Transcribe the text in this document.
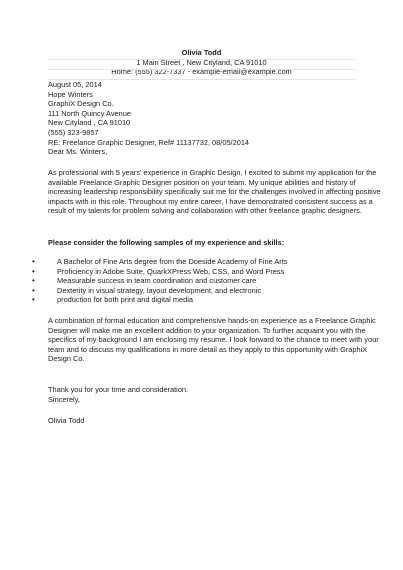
Olivia Todd
1 Main Street , New Cityland, CA 91010
Home: (555) 322-7337 - example-email@example.com
August 05, 2014
Hope Winters
GraphiX Design Co.
111 North Quincy Avenue
New Cityland , CA 91010
(555) 323-9857
RE: Freelance Graphic Designer, Ref# 11137732, 08/05/2014
Dear Ms. Winters,
As professional with 5 years' experience in Graphic Design, I excited to submit my application for the
available Freelance Graphic Designer position on your team. My unique abilities and history of
increasing leadership responsibility specifically suit me for the challenges involved in affecting positive
impacts with in this role. Throughout my entire career, I have demonstrated consistent success as a
result of my talents for problem solving and collaboration with other freelance graphic designers.
Please consider the following samples of my experience and skills:
•	A Bachelor of Fine Arts degree from the Doeside Academy of Fine Arts
•	Proficiency in Adobe Suite, QuarkXPress Web, CSS, and Word Press
•	Measurable success in team coordination and customer care
•	Dexterity in visual strategy, layout development, and electronic
•	production for both print and digital media
A combination of formal education and comprehensive hands-on experience as a Freelance Graphic
Designer will make me an excellent addition to your organization. To further acquaint you with the
specifics of my background I am enclosing my resume. I look forward to the chance to meet with your
team and to discuss my qualifications in more detail as they apply to this opportunity with GraphiX
Design Co.
Thank you for your time and consideration.
Sincerely,
Olivia Todd
